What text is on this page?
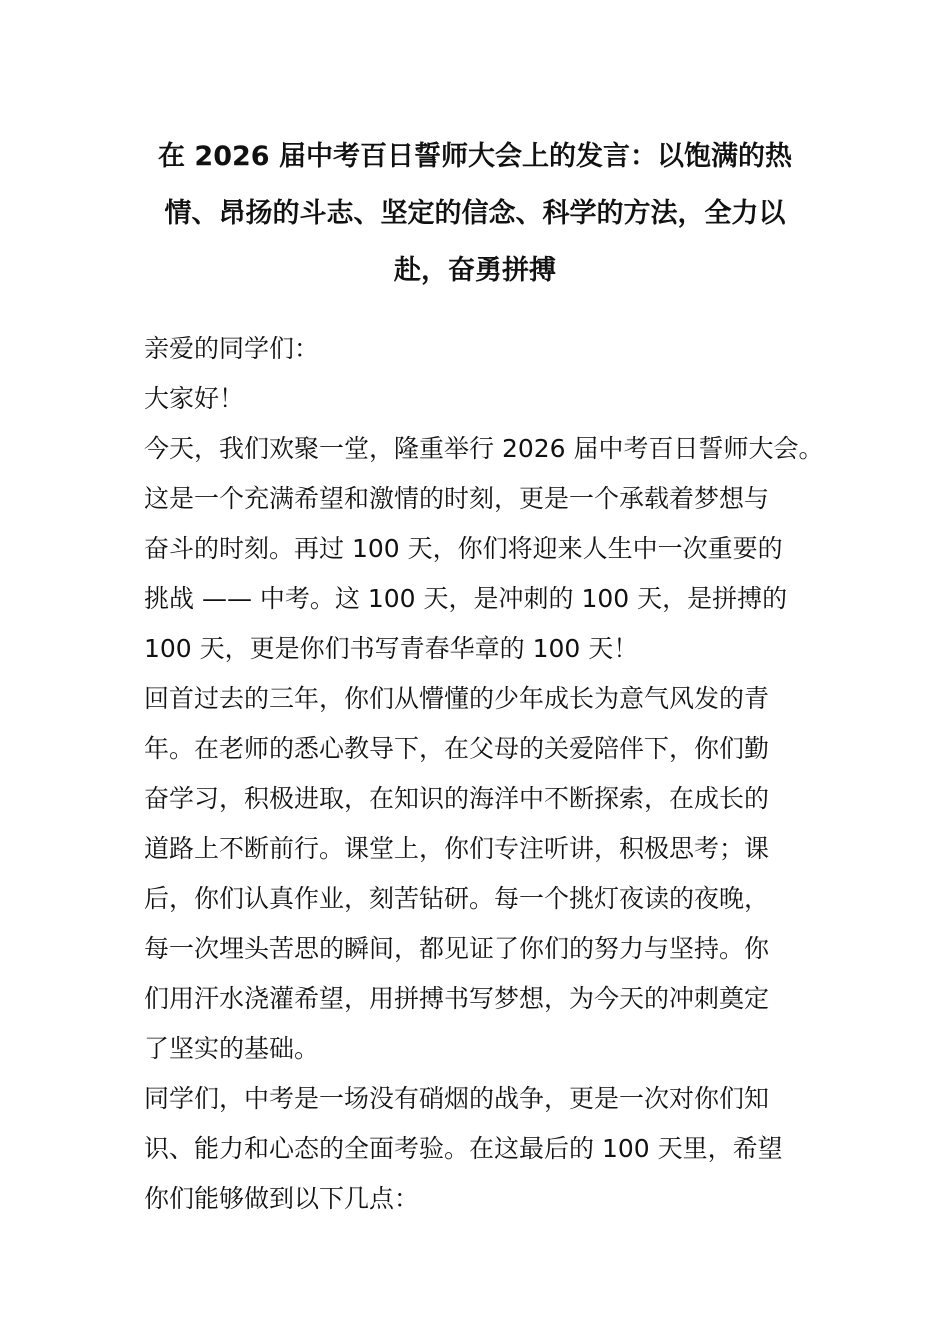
在 2026 届中考百日誓师大会上的发言：以饱满的热
情、昂扬的斗志、坚定的信念、科学的方法，全力以
赴，奋勇拼搏
亲爱的同学们：
大家好！
今天，我们欢聚一堂，隆重举行 2026 届中考百日誓师大会。
这是一个充满希望和激情的时刻，更是一个承载着梦想与
奋斗的时刻。再过 100 天，你们将迎来人生中一次重要的
挑战 —— 中考。这 100 天，是冲刺的 100 天，是拼搏的
100 天，更是你们书写青春华章的 100 天！
回首过去的三年，你们从懵懂的少年成长为意气风发的青
年。在老师的悉心教导下，在父母的关爱陪伴下，你们勤
奋学习，积极进取，在知识的海洋中不断探索，在成长的
道路上不断前行。课堂上，你们专注听讲，积极思考；课
后，你们认真作业，刻苦钻研。每一个挑灯夜读的夜晚，
每一次埋头苦思的瞬间，都见证了你们的努力与坚持。你
们用汗水浇灌希望，用拼搏书写梦想，为今天的冲刺奠定
了坚实的基础。
同学们，中考是一场没有硝烟的战争，更是一次对你们知
识、能力和心态的全面考验。在这最后的 100 天里，希望
你们能够做到以下几点：
